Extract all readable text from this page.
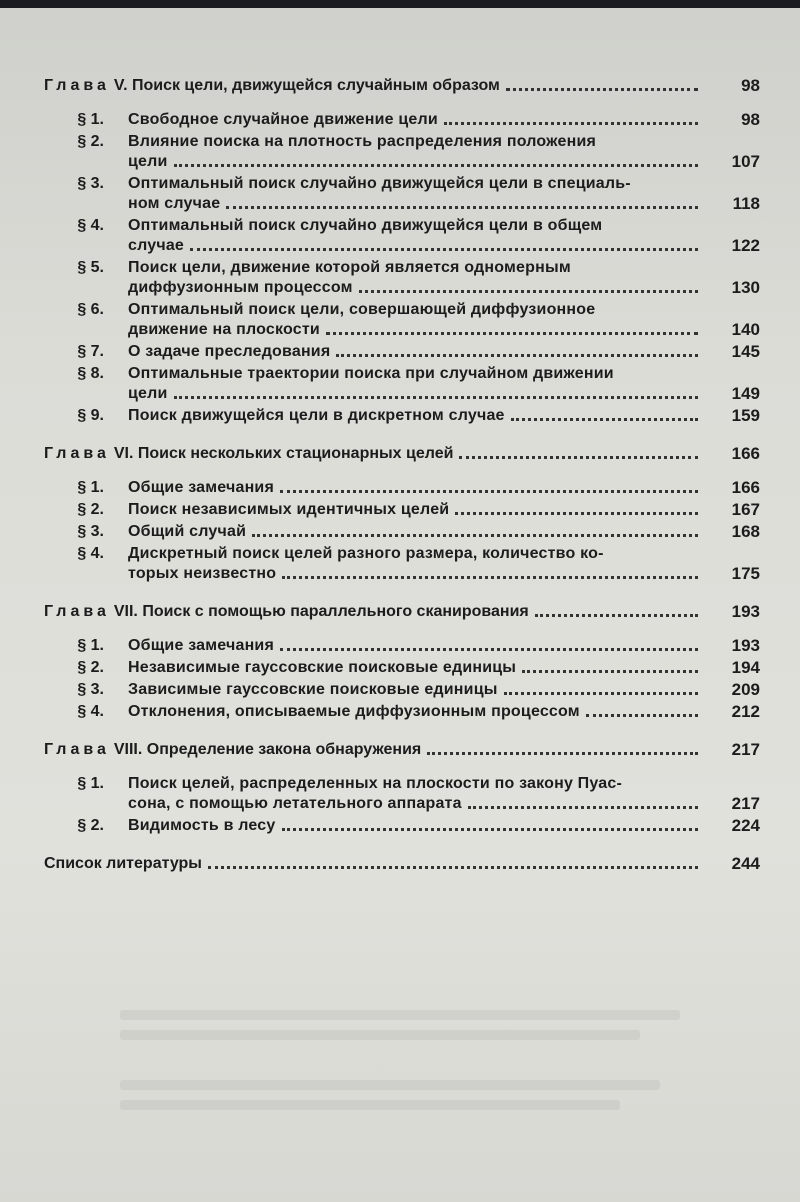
Глава V. Поиск цели, движущейся случайным образом	98
§ 1. Свободное случайное движение цели	98
§ 2. Влияние поиска на плотность распределения положения
цели	107
§ 3. Оптимальный поиск случайно движущейся цели в специаль-
ном случае	118
§ 4. Оптимальный поиск случайно движущейся цели в общем
случае	122
§ 5. Поиск цели, движение которой является одномерным
диффузионным процессом	130
§ 6. Оптимальный поиск цели, совершающей диффузионное
движение на плоскости	140
§ 7. О задаче преследования	145
§ 8. Оптимальные траектории поиска при случайном движении
цели	149
§ 9. Поиск движущейся цели в дискретном случае	159
Глава VI. Поиск нескольких стационарных целей	166
§ 1. Общие замечания	166
§ 2. Поиск независимых идентичных целей	167
§ 3. Общий случай	168
§ 4. Дискретный поиск целей разного размера, количество ко-
торых неизвестно	175
Глава VII. Поиск с помощью параллельного сканирования	193
§ 1. Общие замечания	193
§ 2. Независимые гауссовские поисковые единицы	194
§ 3. Зависимые гауссовские поисковые единицы	209
§ 4. Отклонения, описываемые диффузионным процессом	212
Глава VIII. Определение закона обнаружения	217
§ 1. Поиск целей, распределенных на плоскости по закону Пуас-
сона, с помощью летательного аппарата	217
§ 2. Видимость в лесу	224
Список литературы	244
